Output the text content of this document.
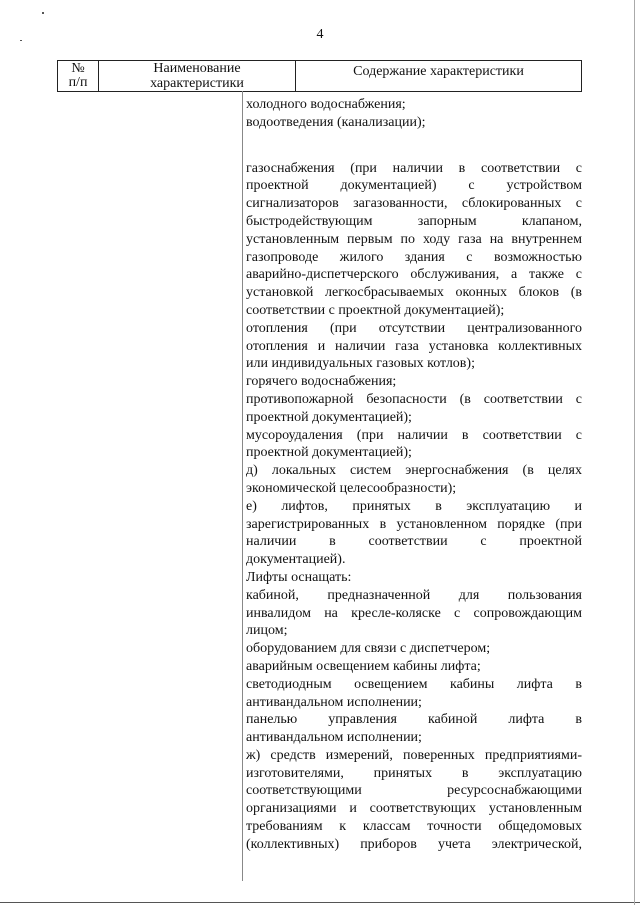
4
№
п/п
Наименование
характеристики
Содержание характеристики
холодного водоснабжения;
водоотведения (канализации);
газоснабжения (при наличии в соответствии с
проектной документацией) с устройством
сигнализаторов загазованности, сблокированных с
быстродействующим запорным клапаном,
установленным первым по ходу газа на внутреннем
газопроводе жилого здания с возможностью
аварийно-диспетчерского обслуживания, а также с
установкой легкосбрасываемых оконных блоков (в
соответствии с проектной документацией);
отопления (при отсутствии централизованного
отопления и наличии газа установка коллективных
или индивидуальных газовых котлов);
горячего водоснабжения;
противопожарной безопасности (в соответствии с
проектной документацией);
мусороудаления (при наличии в соответствии с
проектной документацией);
д) локальных систем энергоснабжения (в целях
экономической целесообразности);
е) лифтов, принятых в эксплуатацию и
зарегистрированных в установленном порядке (при
наличии в соответствии с проектной
документацией).
Лифты оснащать:
кабиной, предназначенной для пользования
инвалидом на кресле-коляске с сопровождающим
лицом;
оборудованием для связи с диспетчером;
аварийным освещением кабины лифта;
светодиодным освещением кабины лифта в
антивандальном исполнении;
панелью управления кабиной лифта в
антивандальном исполнении;
ж) средств измерений, поверенных предприятиями-
изготовителями, принятых в эксплуатацию
соответствующими ресурсоснабжающими
организациями и соответствующих установленным
требованиям к классам точности общедомовых
(коллективных) приборов учета электрической,
